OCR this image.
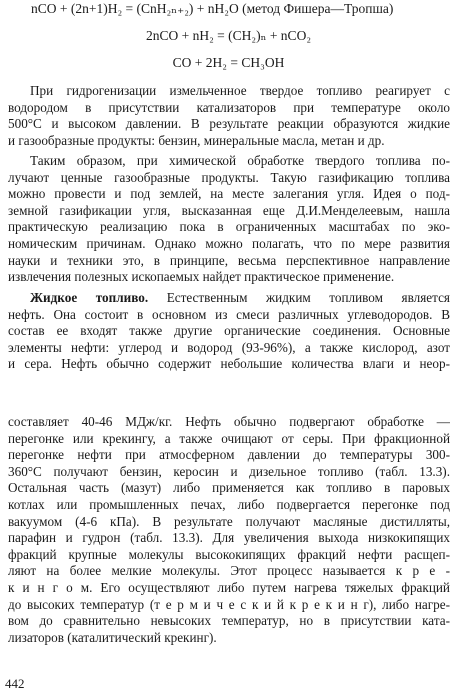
nCO + (2n+1)H₂ = (CnH₂ₙ₊₂) + nH₂O (метод Фишера—Тропша)
2nCO + nH₂ = (CH₂)ₙ + nCO₂
CO + 2H₂ = CH₃OH
При гидрогенизации измельченное твердое топливо реагирует с
водородом в присутствии катализаторов при температуре около
500°С и высоком давлении. В результате реакции образуются жидкие
и газообразные продукты: бензин, минеральные масла, метан и др.
Таким образом, при химической обработке твердого топлива по-
лучают ценные газообразные продукты. Такую газификацию топлива
можно провести и под землей, на месте залегания угля. Идея о под-
земной газификации угля, высказанная еще Д.И.Менделеевым, нашла
практическую реализацию пока в ограниченных масштабах по эко-
номическим причинам. Однако можно полагать, что по мере развития
науки и техники это, в принципе, весьма перспективное направление
извлечения полезных ископаемых найдет практическое применение.
Жидкое топливо. Естественным жидким топливом является
нефть. Она состоит в основном из смеси различных углеводородов. В
состав ее входят также другие органические соединения. Основные
элементы нефти: углерод и водород (93-96%), а также кислород, азот
и сера. Нефть обычно содержит небольшие количества влаги и неор-
составляет 40-46 МДж/кг. Нефть обычно подвергают обработке —
перегонке или крекингу, а также очищают от серы. При фракционной
перегонке нефти при атмосферном давлении до температуры 300-
360°С получают бензин, керосин и дизельное топливо (табл. 13.3).
Остальная часть (мазут) либо применяется как топливо в паровых
котлах или промышленных печах, либо подвергается перегонке под
вакуумом (4-6 кПа). В результате получают масляные дистилляты,
парафин и гудрон (табл. 13.3). Для увеличения выхода низкокипящих
фракций крупные молекулы высококипящих фракций нефти расщеп-
ляют на более мелкие молекулы. Этот процесс называется к р е -
к и н г о м. Его осуществляют либо путем нагрева тяжелых фракций
до высоких температур (т е р м и ч е с к и й к р е к и н г), либо нагре-
вом до сравнительно невысоких температур, но в присутствии ката-
лизаторов (каталитический крекинг).
442
